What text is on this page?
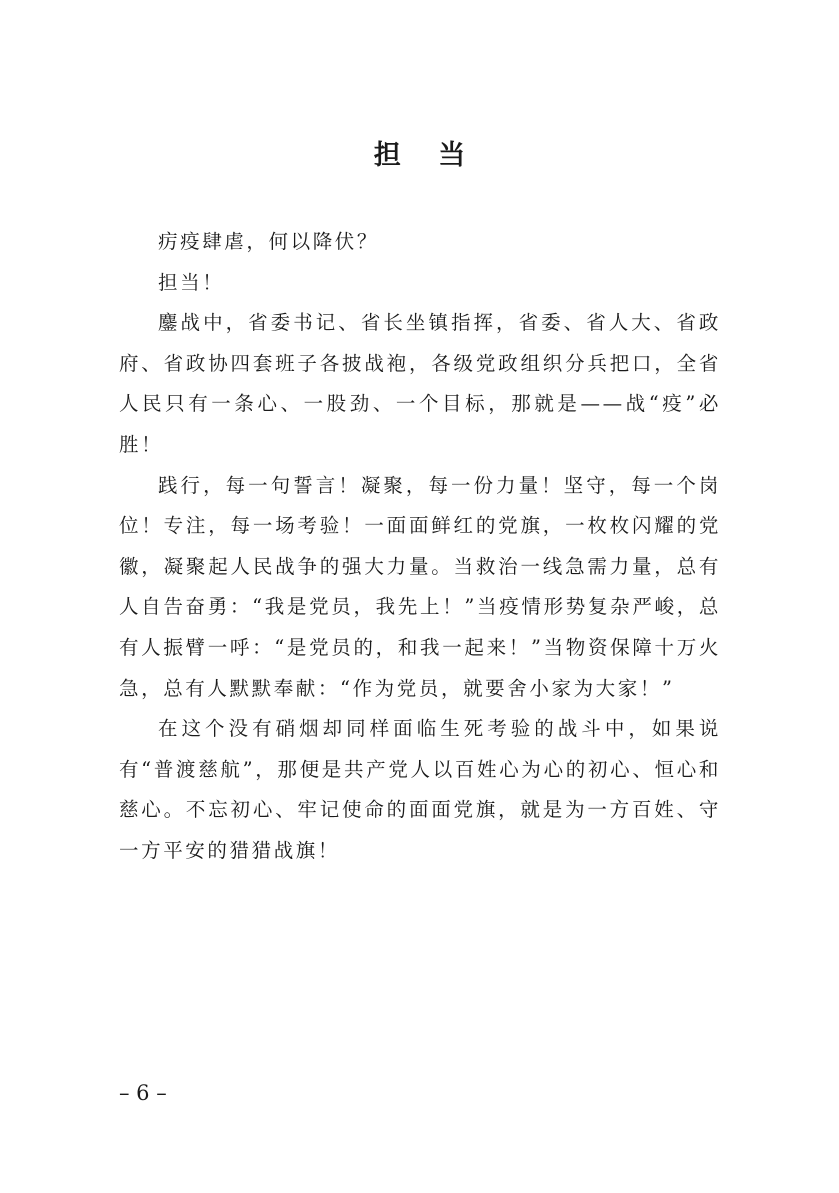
担 当

疠疫肆虐，何以降伏？

担当！

鏖战中，省委书记、省长坐镇指挥，省委、省人大、省政府、省政协四套班子各披战袍，各级党政组织分兵把口，全省人民只有一条心、一股劲、一个目标，那就是——战“疫”必胜！

践行，每一句誓言！凝聚，每一份力量！坚守，每一个岗位！专注，每一场考验！一面面鲜红的党旗，一枚枚闪耀的党徽，凝聚起人民战争的强大力量。当救治一线急需力量，总有人自告奋勇：“我是党员，我先上！”当疫情形势复杂严峻，总有人振臂一呼：“是党员的，和我一起来！”当物资保障十万火急，总有人默默奉献：“作为党员，就要舍小家为大家！”

在这个没有硝烟却同样面临生死考验的战斗中，如果说有“普渡慈航”，那便是共产党人以百姓心为心的初心、恒心和慈心。不忘初心、牢记使命的面面党旗，就是为一方百姓、守一方平安的猎猎战旗！

– 6 –
